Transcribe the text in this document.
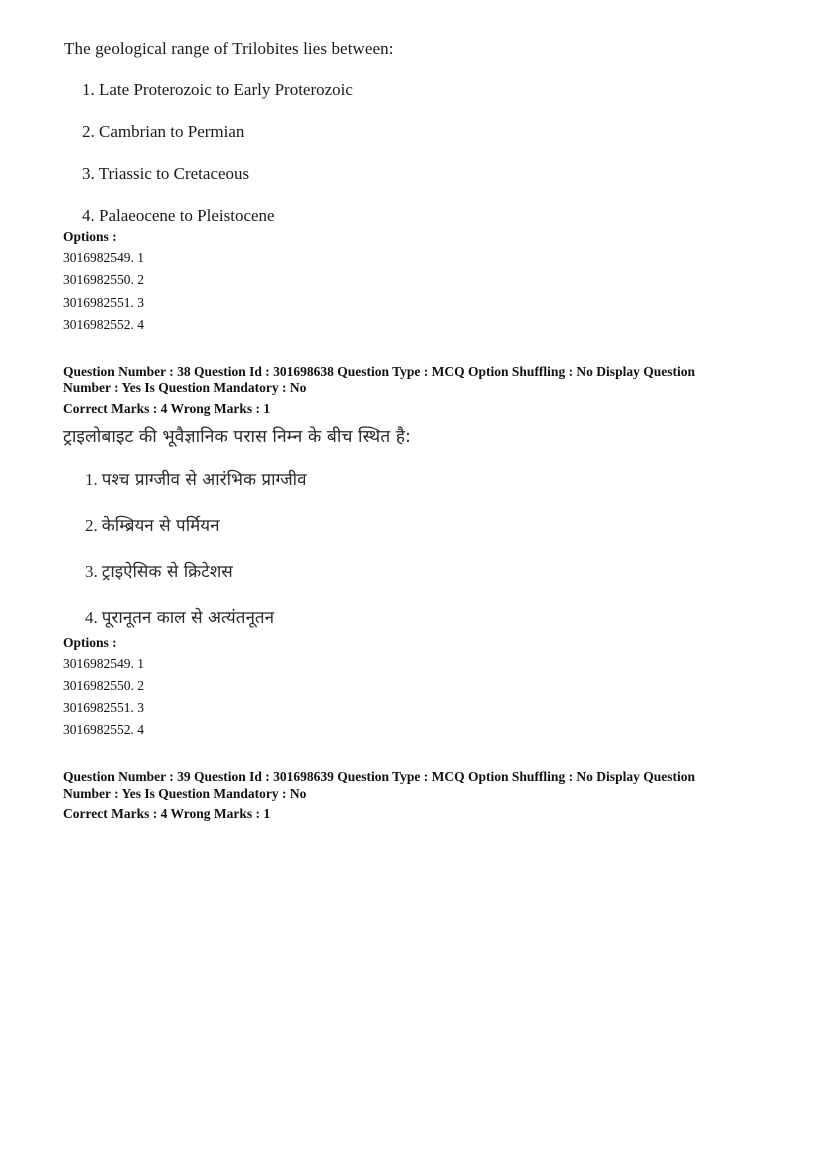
The geological range of Trilobites lies between:
1. Late Proterozoic to Early Proterozoic
2. Cambrian to Permian
3. Triassic to Cretaceous
4. Palaeocene to Pleistocene
Options :
3016982549. 1
3016982550. 2
3016982551. 3
3016982552. 4
Question Number : 38 Question Id : 301698638 Question Type : MCQ Option Shuffling : No Display Question
Number : Yes Is Question Mandatory : No
Correct Marks : 4 Wrong Marks : 1
ट्राइलोबाइट की भूवैज्ञानिक परास निम्न के बीच स्थित है:
1. पश्च प्राग्जीव से आरंभिक प्राग्जीव
2. केम्ब्रियन से पर्मियन
3. ट्राइऐसिक से क्रिटेशस
4. पूरानूतन काल से अत्यंतनूतन
Options :
3016982549. 1
3016982550. 2
3016982551. 3
3016982552. 4
Question Number : 39 Question Id : 301698639 Question Type : MCQ Option Shuffling : No Display Question
Number : Yes Is Question Mandatory : No
Correct Marks : 4 Wrong Marks : 1
